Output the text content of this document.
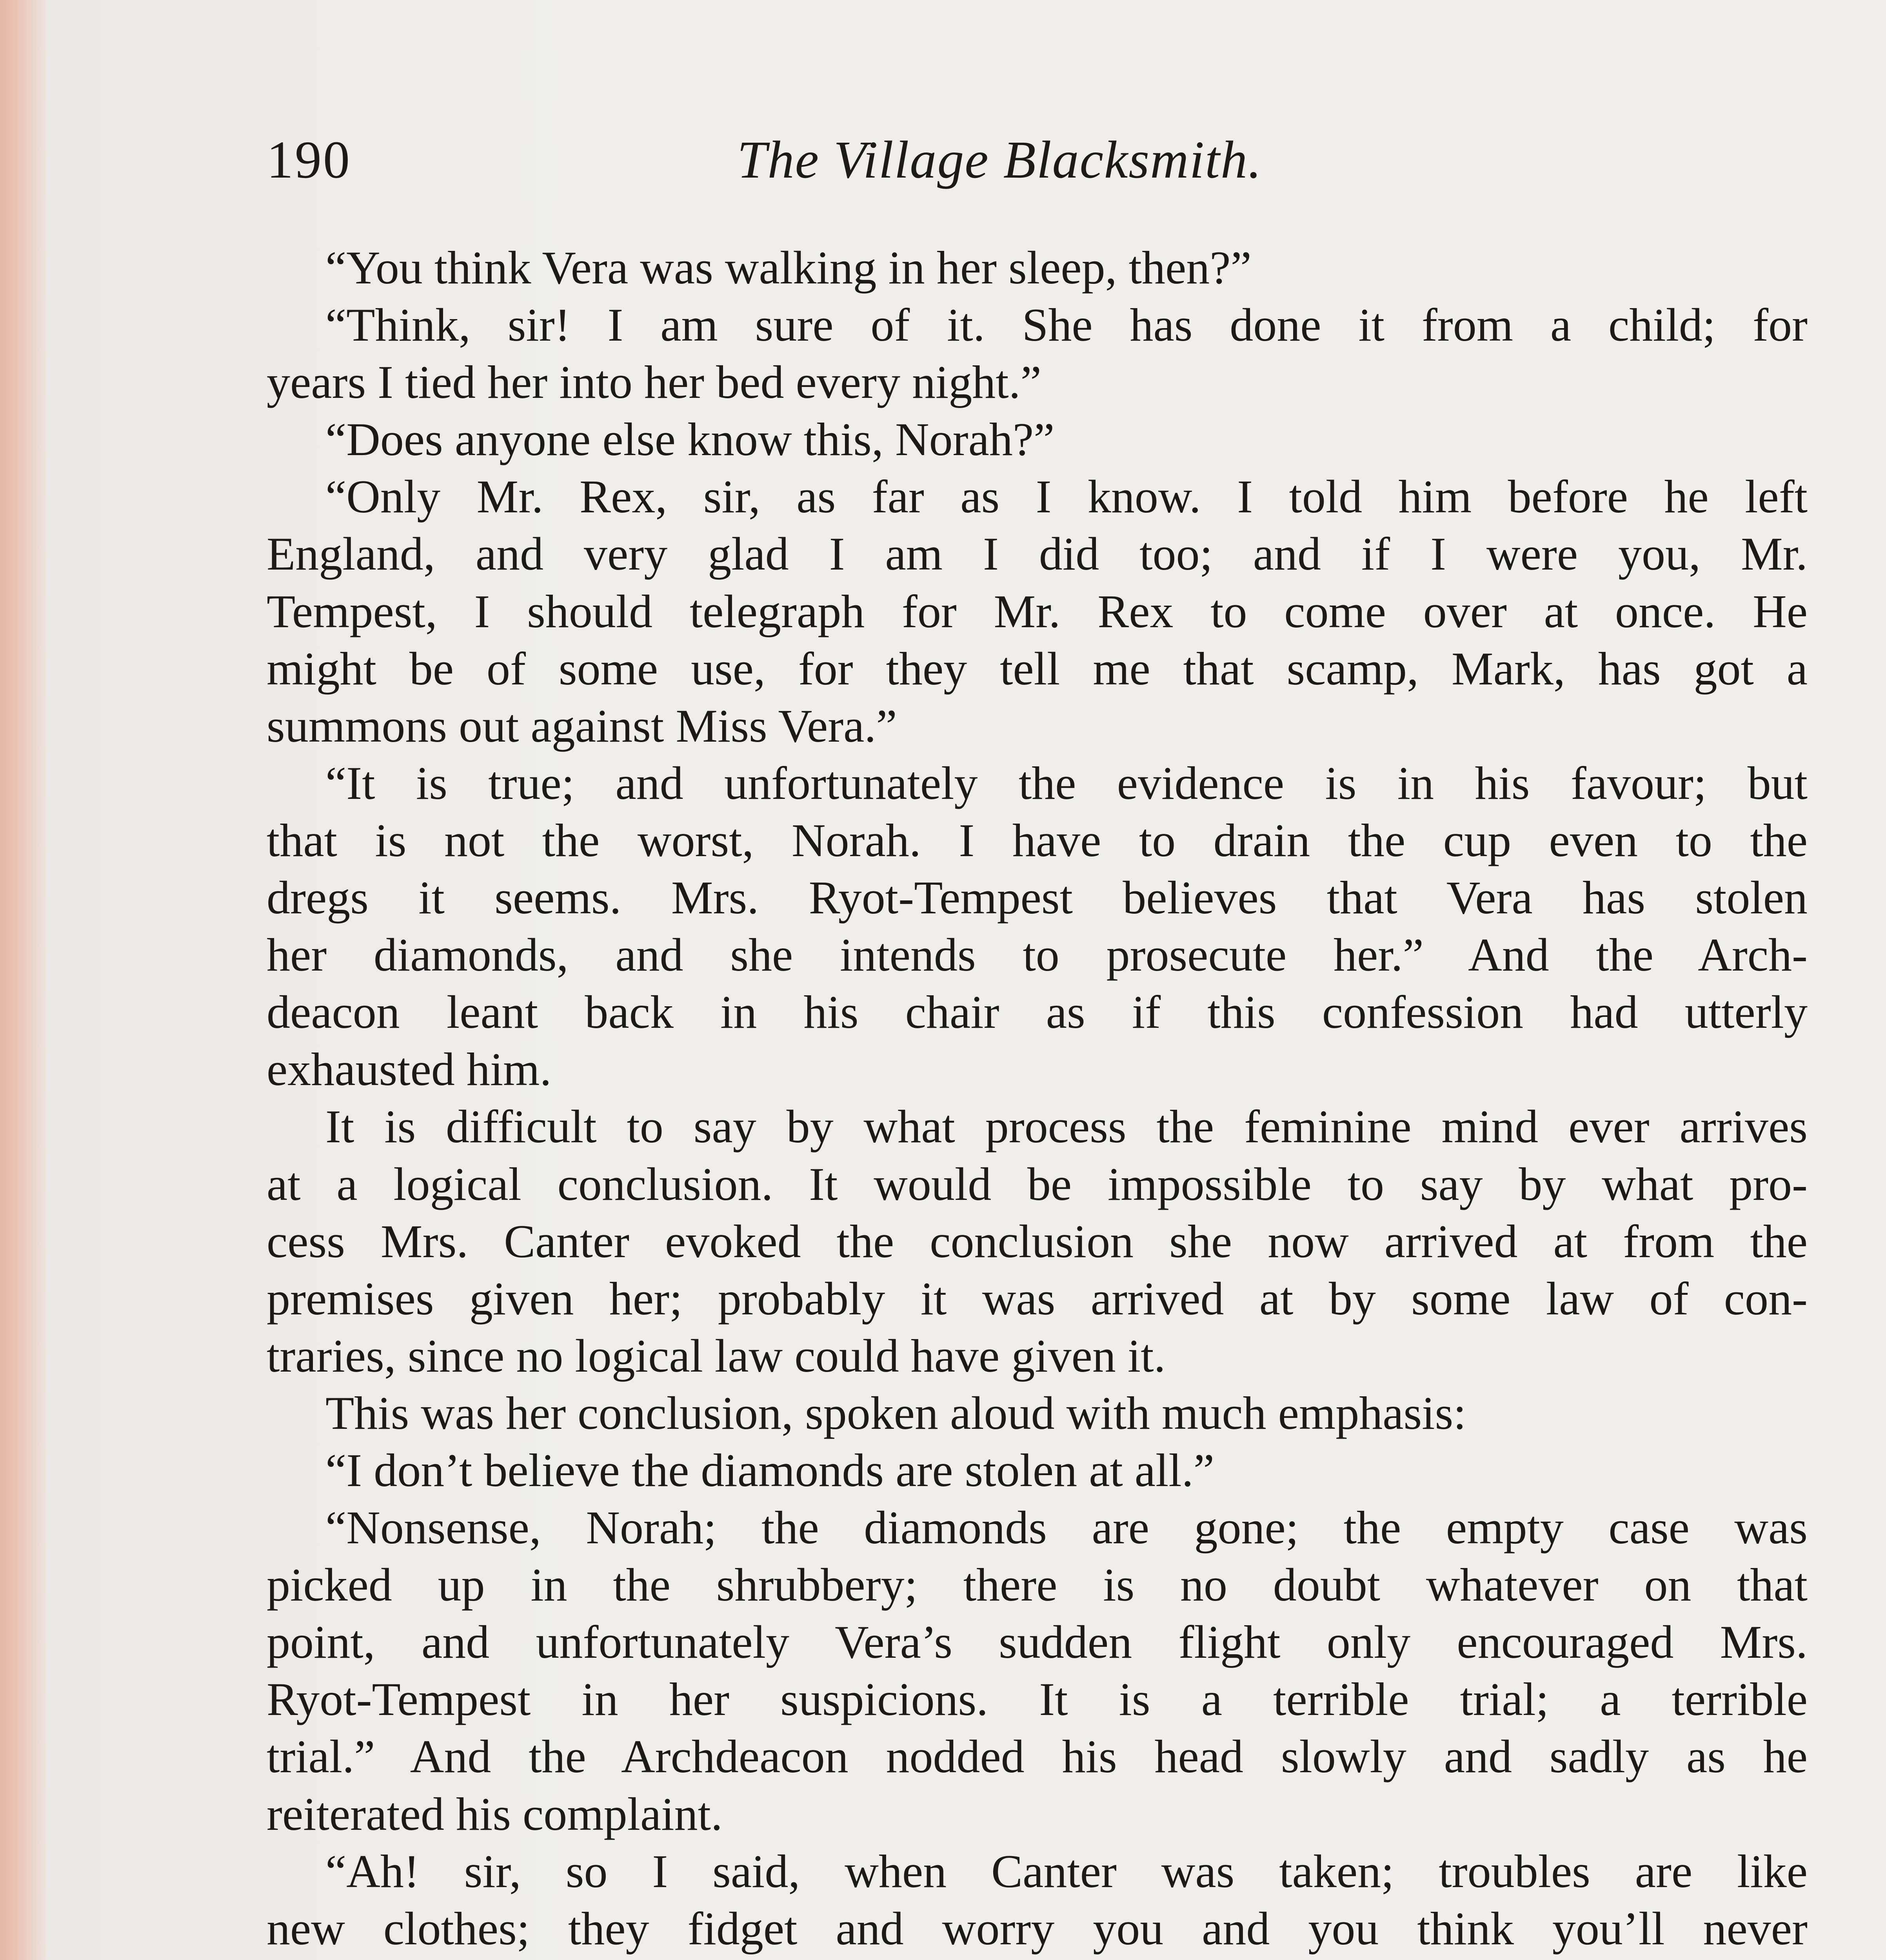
190	The Village Blacksmith.
“You think Vera was walking in her sleep, then?”
“Think, sir! I am sure of it. She has done it from a child; for
years I tied her into her bed every night.”
“Does anyone else know this, Norah?”
“Only Mr. Rex, sir, as far as I know. I told him before he left
England, and very glad I am I did too; and if I were you, Mr.
Tempest, I should telegraph for Mr. Rex to come over at once. He
might be of some use, for they tell me that scamp, Mark, has got a
summons out against Miss Vera.”
“It is true; and unfortunately the evidence is in his favour; but
that is not the worst, Norah. I have to drain the cup even to the
dregs it seems. Mrs. Ryot-Tempest believes that Vera has stolen
her diamonds, and she intends to prosecute her.” And the Arch-
deacon leant back in his chair as if this confession had utterly
exhausted him.
It is difficult to say by what process the feminine mind ever arrives
at a logical conclusion. It would be impossible to say by what pro-
cess Mrs. Canter evoked the conclusion she now arrived at from the
premises given her; probably it was arrived at by some law of con-
traries, since no logical law could have given it.
This was her conclusion, spoken aloud with much emphasis:
“I don’t believe the diamonds are stolen at all.”
“Nonsense, Norah; the diamonds are gone; the empty case was
picked up in the shrubbery; there is no doubt whatever on that
point, and unfortunately Vera’s sudden flight only encouraged Mrs.
Ryot-Tempest in her suspicions. It is a terrible trial; a terrible
trial.” And the Archdeacon nodded his head slowly and sadly as he
reiterated his complaint.
“Ah! sir, so I said, when Canter was taken; troubles are like
new clothes; they fidget and worry you and you think you’ll never
